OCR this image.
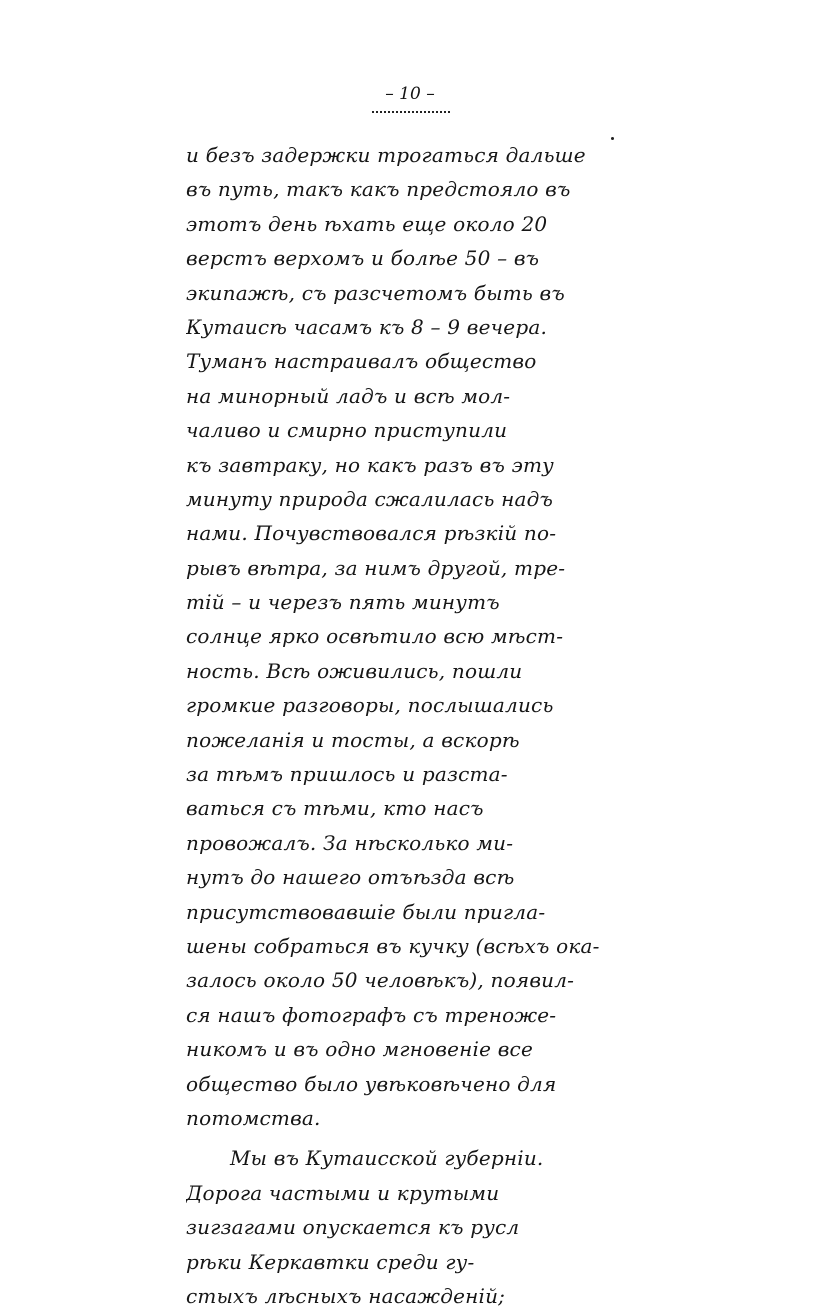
– 10 –
и безъ задержки трогаться дальше
въ путь, такъ какъ предстояло въ
этотъ день ѣхать еще около 20
верстъ верхомъ и болѣе 50 – въ
экипажѣ, съ разсчетомъ быть въ
Кутаисѣ часамъ къ 8 – 9 вечера.
Туманъ настраивалъ общество
на минорный ладъ и всѣ мол-
чаливо и смирно приступили
къ завтраку, но какъ разъ въ эту
минуту природа сжалилась надъ
нами. Почувствовался рѣзкій по-
рывъ вѣтра, за нимъ другой, тре-
тій – и черезъ пять минутъ
солнце ярко освѣтило всю мѣст-
ность. Всѣ оживились, пошли
громкие разговоры, послышались
пожеланія и тосты, а вскорѣ
за тѣмъ пришлось и разста-
ваться съ тѣми, кто насъ
провожалъ. За нѣсколько ми-
нутъ до нашего отъѣзда всѣ
присутствовавшіе были пригла-
шены собраться въ кучку (всѣхъ ока-
залось около 50 человѣкъ), появил-
ся нашъ фотографъ съ треноже-
никомъ и въ одно мгновеніе все
общество было увѣковѣчено для
потомства.
Мы въ Кутаисской губерніи.
Дорога частыми и крутыми
зигзагами опускается къ русл
рѣки Керкавтки среди гу-
стыхъ лѣсныхъ насажденій;
